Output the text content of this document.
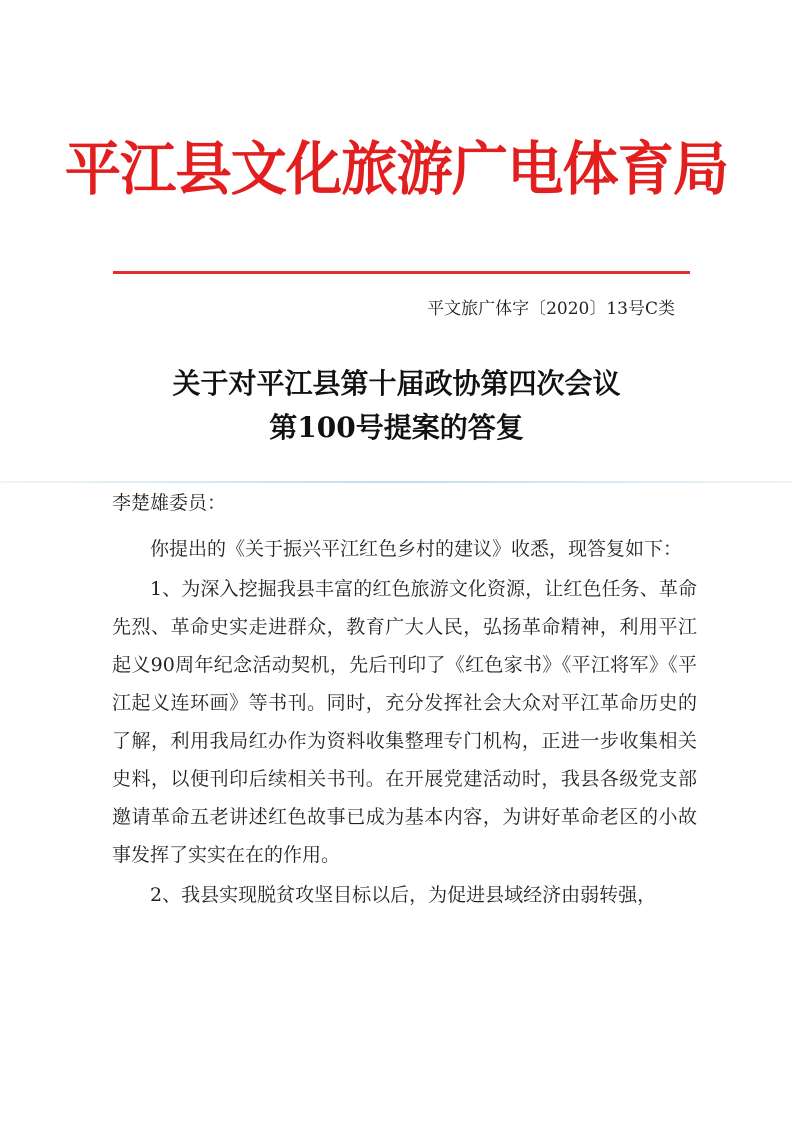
平江县文化旅游广电体育局
平文旅广体字〔2020〕13号C类
关于对平江县第十届政协第四次会议
第100号提案的答复

李楚雄委员：

你提出的《关于振兴平江红色乡村的建议》收悉，现答复如下：

1、为深入挖掘我县丰富的红色旅游文化资源，让红色任务、革命先烈、革命史实走进群众，教育广大人民，弘扬革命精神，利用平江起义90周年纪念活动契机，先后刊印了《红色家书》《平江将军》《平江起义连环画》等书刊。同时，充分发挥社会大众对平江革命历史的了解，利用我局红办作为资料收集整理专门机构，正进一步收集相关史料，以便刊印后续相关书刊。在开展党建活动时，我县各级党支部邀请革命五老讲述红色故事已成为基本内容，为讲好革命老区的小故事发挥了实实在在的作用。

2、我县实现脱贫攻坚目标以后，为促进县域经济由弱转强，
